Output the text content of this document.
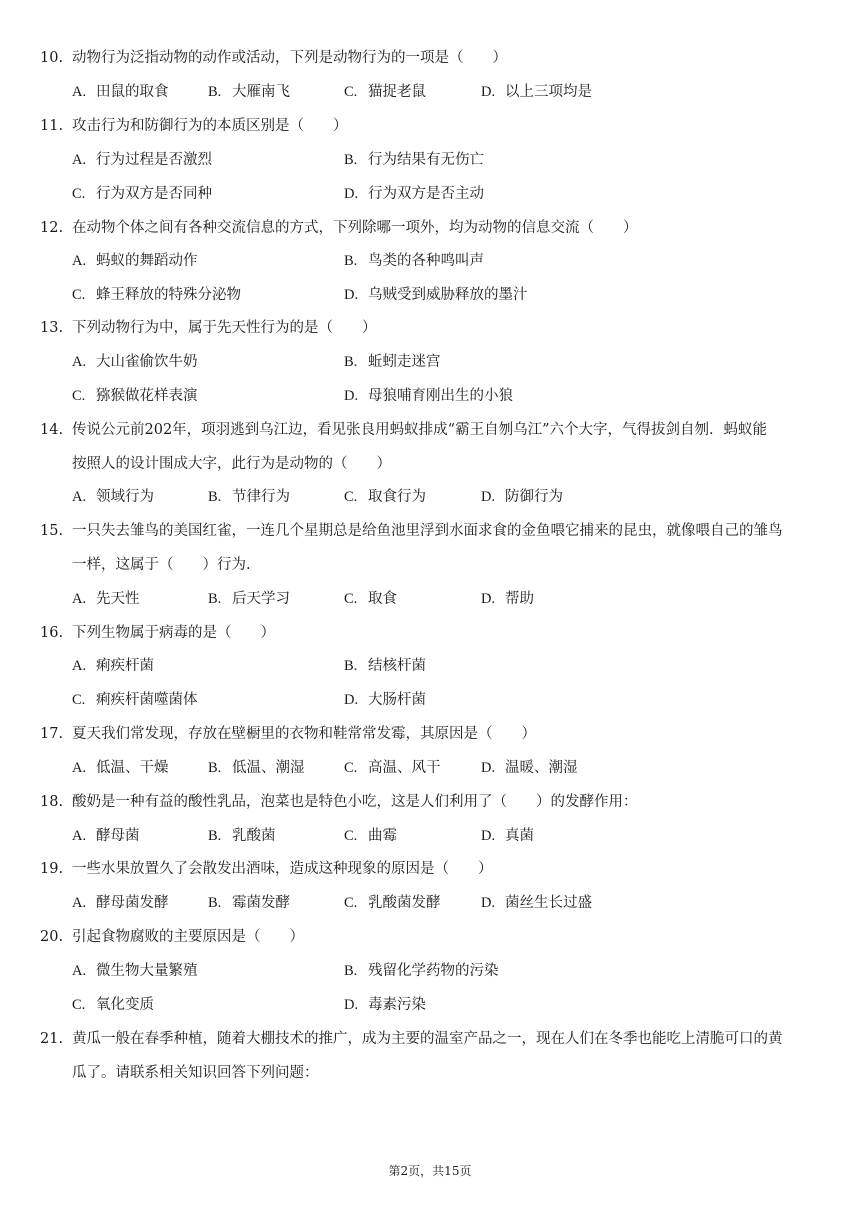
10. 动物行为泛指动物的动作或活动，下列是动物行为的一项是（　　）
A. 田鼠的取食	B. 大雁南飞	C. 猫捉老鼠	D. 以上三项均是
11. 攻击行为和防御行为的本质区别是（　　）
A. 行为过程是否激烈	B. 行为结果有无伤亡
C. 行为双方是否同种	D. 行为双方是否主动
12. 在动物个体之间有各种交流信息的方式，下列除哪一项外，均为动物的信息交流（　　）
A. 蚂蚁的舞蹈动作	B. 鸟类的各种鸣叫声
C. 蜂王释放的特殊分泌物	D. 乌贼受到威胁释放的墨汁
13. 下列动物行为中，属于先天性行为的是（　　）
A. 大山雀偷饮牛奶	B. 蚯蚓走迷宫
C. 猕猴做花样表演	D. 母狼哺育刚出生的小狼
14. 传说公元前202年，项羽逃到乌江边，看见张良用蚂蚁排成“霸王自刎乌江”六个大字，气得拔剑自刎．蚂蚁能
按照人的设计围成大字，此行为是动物的（　　）
A. 领域行为	B. 节律行为	C. 取食行为	D. 防御行为
15. 一只失去雏鸟的美国红雀，一连几个星期总是给鱼池里浮到水面求食的金鱼喂它捕来的昆虫，就像喂自己的雏鸟
一样，这属于（　　）行为.
A. 先天性	B. 后天学习	C. 取食	D. 帮助
16. 下列生物属于病毒的是（　　）
A. 痢疾杆菌	B. 结核杆菌
C. 痢疾杆菌噬菌体	D. 大肠杆菌
17. 夏天我们常发现，存放在壁橱里的衣物和鞋常常发霉，其原因是（　　）
A. 低温、干燥	B. 低温、潮湿	C. 高温、风干	D. 温暖、潮湿
18. 酸奶是一种有益的酸性乳品，泡菜也是特色小吃，这是人们利用了（　　）的发酵作用：
A. 酵母菌	B. 乳酸菌	C. 曲霉	D. 真菌
19. 一些水果放置久了会散发出酒味，造成这种现象的原因是（　　）
A. 酵母菌发酵	B. 霉菌发酵	C. 乳酸菌发酵	D. 菌丝生长过盛
20. 引起食物腐败的主要原因是（　　）
A. 微生物大量繁殖	B. 残留化学药物的污染
C. 氧化变质	D. 毒素污染
21. 黄瓜一般在春季种植，随着大棚技术的推广，成为主要的温室产品之一，现在人们在冬季也能吃上清脆可口的黄
瓜了。请联系相关知识回答下列问题：
第2页，共15页
